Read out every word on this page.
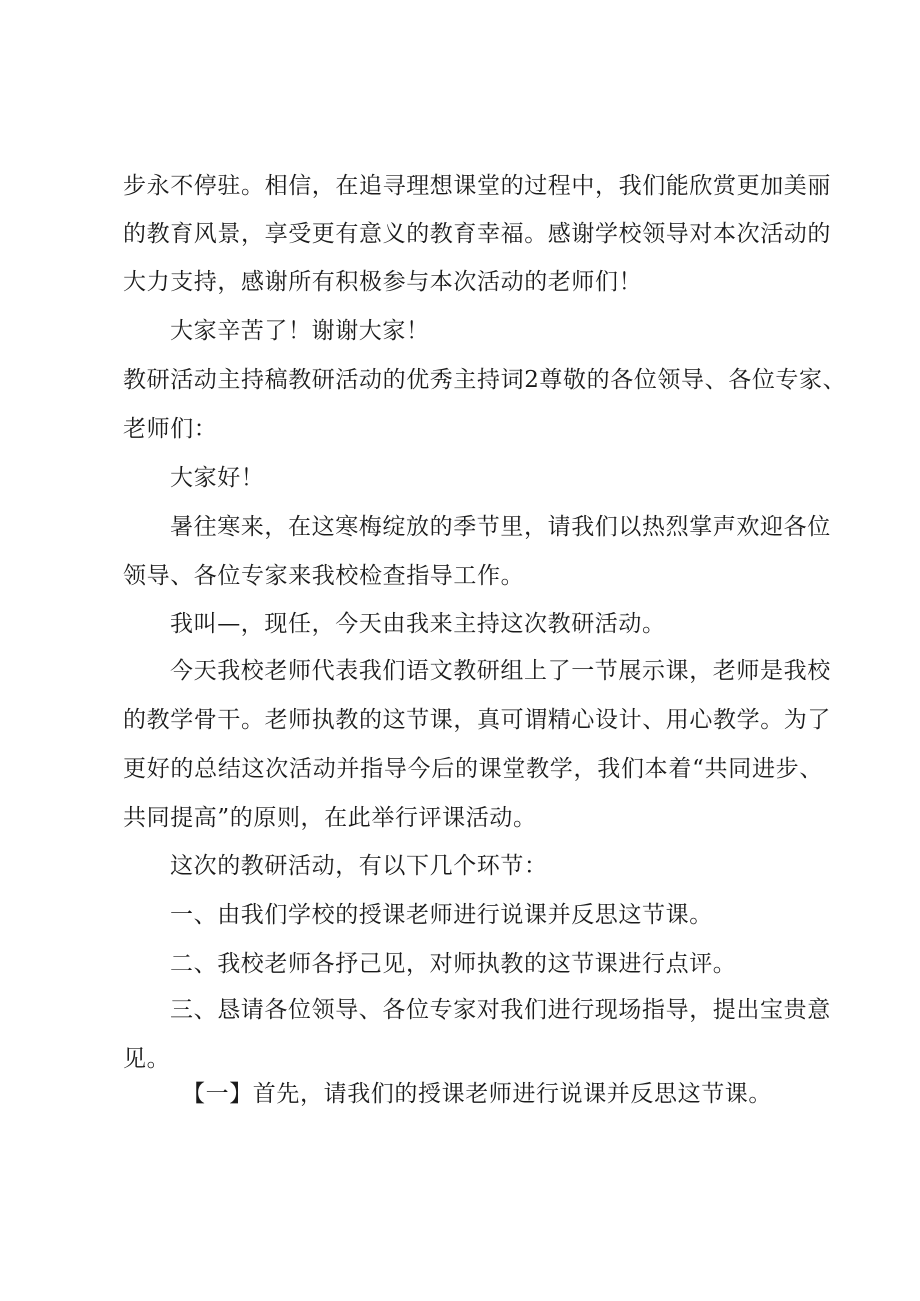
步永不停驻。相信，在追寻理想课堂的过程中，我们能欣赏更加美丽
的教育风景，享受更有意义的教育幸福。感谢学校领导对本次活动的
大力支持，感谢所有积极参与本次活动的老师们！
大家辛苦了！谢谢大家！
教研活动主持稿教研活动的优秀主持词2尊敬的各位领导、各位专家、
老师们：
大家好！
暑往寒来，在这寒梅绽放的季节里，请我们以热烈掌声欢迎各位
领导、各位专家来我校检查指导工作。
我叫—，现任，今天由我来主持这次教研活动。
今天我校老师代表我们语文教研组上了一节展示课，老师是我校
的教学骨干。老师执教的这节课，真可谓精心设计、用心教学。为了
更好的总结这次活动并指导今后的课堂教学，我们本着“共同进步、
共同提高”的原则，在此举行评课活动。
这次的教研活动，有以下几个环节：
一、由我们学校的授课老师进行说课并反思这节课。
二、我校老师各抒己见，对师执教的这节课进行点评。
三、恳请各位领导、各位专家对我们进行现场指导，提出宝贵意
见。
【一】首先，请我们的授课老师进行说课并反思这节课。
